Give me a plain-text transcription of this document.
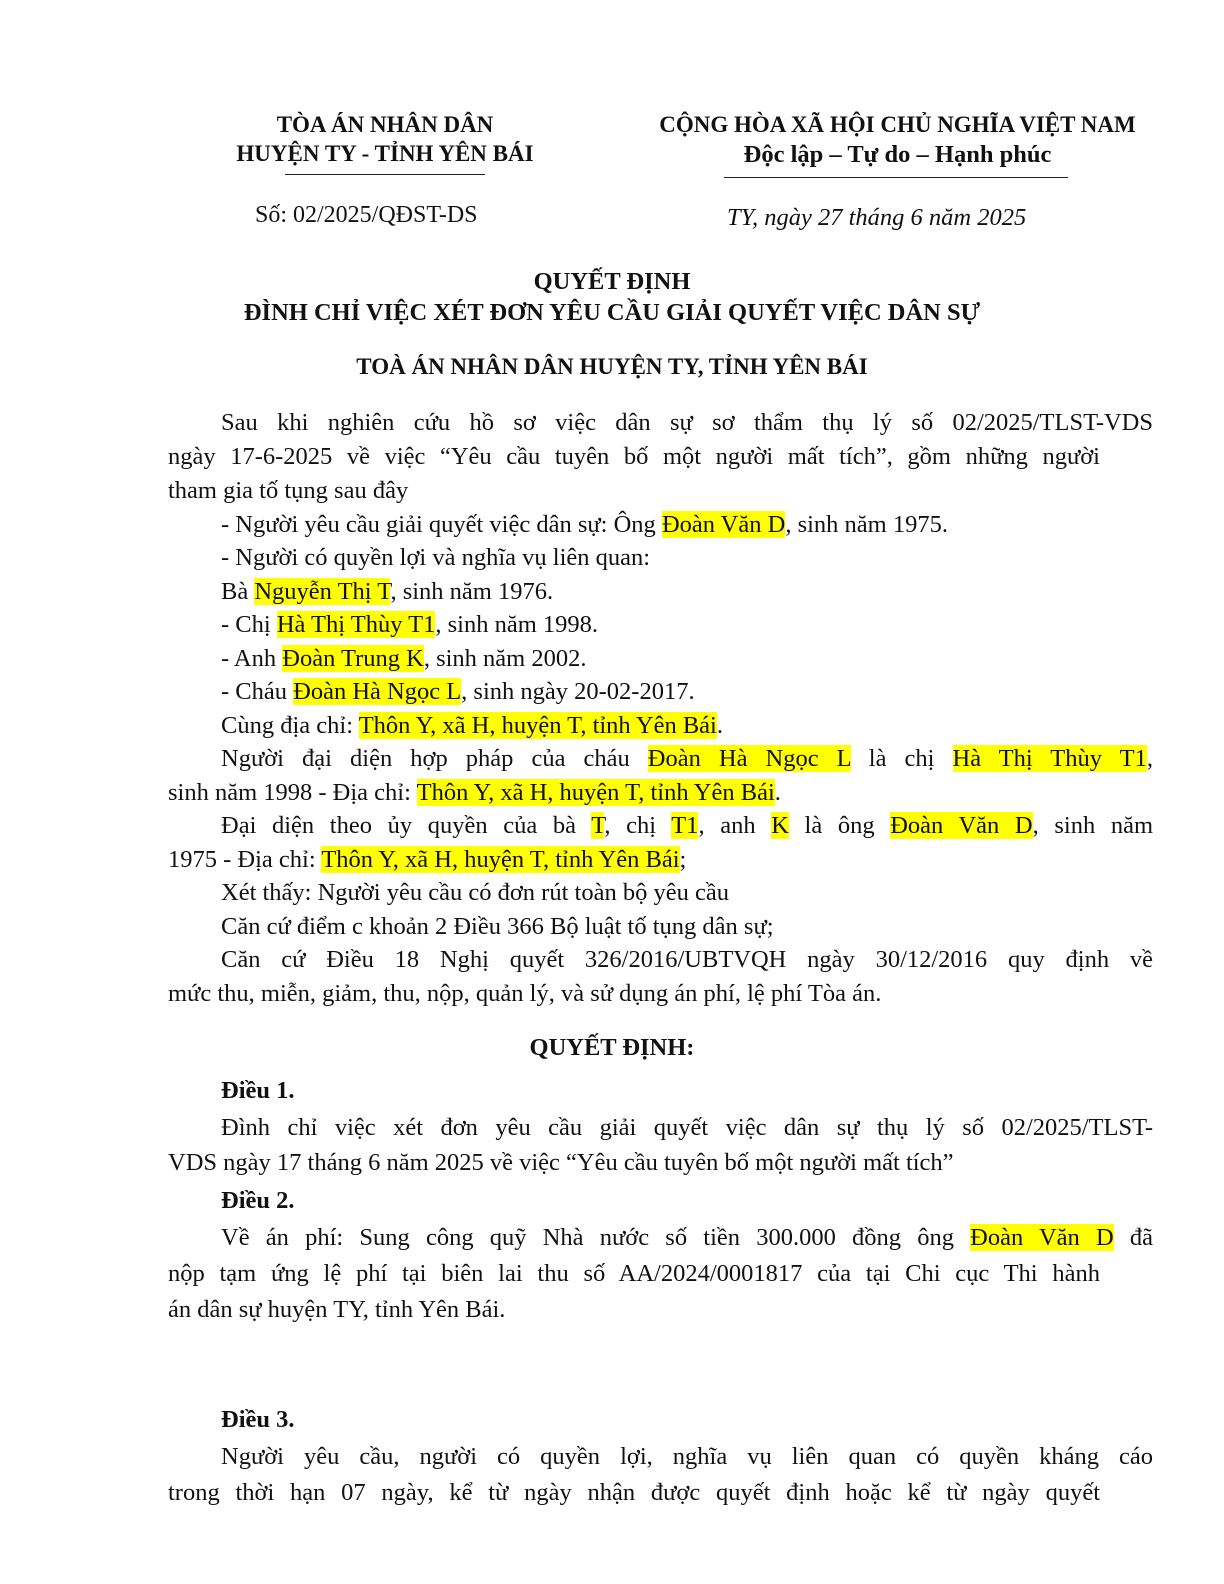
TÒA ÁN NHÂN DÂN
HUYỆN TY - TỈNH YÊN BÁI
CỘNG HÒA XÃ HỘI CHỦ NGHĨA VIỆT NAM
Độc lập – Tự do – Hạnh phúc
Số: 02/2025/QĐST-DS	TY, ngày 27 tháng 6 năm 2025
QUYẾT ĐỊNH
ĐÌNH CHỈ VIỆC XÉT ĐƠN YÊU CẦU GIẢI QUYẾT VIỆC DÂN SỰ
TOÀ ÁN NHÂN DÂN HUYỆN TY, TỈNH YÊN BÁI
Sau khi nghiên cứu hồ sơ việc dân sự sơ thẩm thụ lý số 02/2025/TLST-VDS
ngày 17-6-2025 về việc “Yêu cầu tuyên bố một người mất tích”, gồm những người
tham gia tố tụng sau đây
- Người yêu cầu giải quyết việc dân sự: Ông Đoàn Văn D, sinh năm 1975.
- Người có quyền lợi và nghĩa vụ liên quan:
Bà Nguyễn Thị T, sinh năm 1976.
- Chị Hà Thị Thùy T1, sinh năm 1998.
- Anh Đoàn Trung K, sinh năm 2002.
- Cháu Đoàn Hà Ngọc L, sinh ngày 20-02-2017.
Cùng địa chỉ: Thôn Y, xã H, huyện T, tỉnh Yên Bái.
Người đại diện hợp pháp của cháu Đoàn Hà Ngọc L là chị Hà Thị Thùy T1,
sinh năm 1998 - Địa chỉ: Thôn Y, xã H, huyện T, tỉnh Yên Bái.
Đại diện theo ủy quyền của bà T, chị T1, anh K là ông Đoàn Văn D, sinh năm
1975 - Địa chỉ: Thôn Y, xã H, huyện T, tỉnh Yên Bái;
Xét thấy: Người yêu cầu có đơn rút toàn bộ yêu cầu
Căn cứ điểm c khoản 2 Điều 366 Bộ luật tố tụng dân sự;
Căn cứ Điều 18 Nghị quyết 326/2016/UBTVQH ngày 30/12/2016 quy định về
mức thu, miễn, giảm, thu, nộp, quản lý, và sử dụng án phí, lệ phí Tòa án.
QUYẾT ĐỊNH:
Điều 1.
Đình chỉ việc xét đơn yêu cầu giải quyết việc dân sự thụ lý số 02/2025/TLST-
VDS ngày 17 tháng 6 năm 2025 về việc “Yêu cầu tuyên bố một người mất tích”
Điều 2.
Về án phí: Sung công quỹ Nhà nước số tiền 300.000 đồng ông Đoàn Văn D đã
nộp tạm ứng lệ phí tại biên lai thu số AA/2024/0001817 của tại Chi cục Thi hành
án dân sự huyện TY, tỉnh Yên Bái.
Điều 3.
Người yêu cầu, người có quyền lợi, nghĩa vụ liên quan có quyền kháng cáo
trong thời hạn 07 ngày, kể từ ngày nhận được quyết định hoặc kể từ ngày quyết
